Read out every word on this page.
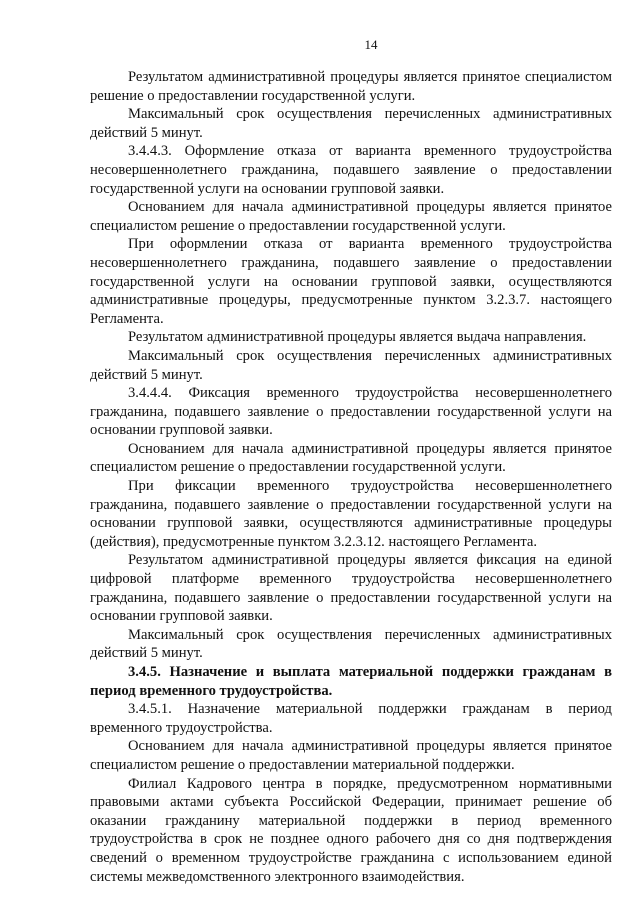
14

Результатом административной процедуры является принятое специалистом решение о предоставлении государственной услуги.

Максимальный срок осуществления перечисленных административных действий 5 минут.

3.4.4.3. Оформление отказа от варианта временного трудоустройства несовершеннолетнего гражданина, подавшего заявление о предоставлении государственной услуги на основании групповой заявки.

Основанием для начала административной процедуры является принятое специалистом решение о предоставлении государственной услуги.

При оформлении отказа от варианта временного трудоустройства несовершеннолетнего гражданина, подавшего заявление о предоставлении государственной услуги на основании групповой заявки, осуществляются административные процедуры, предусмотренные пунктом 3.2.3.7. настоящего Регламента.

Результатом административной процедуры является выдача направления.

Максимальный срок осуществления перечисленных административных действий 5 минут.

3.4.4.4. Фиксация временного трудоустройства несовершеннолетнего гражданина, подавшего заявление о предоставлении государственной услуги на основании групповой заявки.

Основанием для начала административной процедуры является принятое специалистом решение о предоставлении государственной услуги.

При фиксации временного трудоустройства несовершеннолетнего гражданина, подавшего заявление о предоставлении государственной услуги на основании групповой заявки, осуществляются административные процедуры (действия), предусмотренные пунктом 3.2.3.12. настоящего Регламента.

Результатом административной процедуры является фиксация на единой цифровой платформе временного трудоустройства несовершеннолетнего гражданина, подавшего заявление о предоставлении государственной услуги на основании групповой заявки.

Максимальный срок осуществления перечисленных административных действий 5 минут.

3.4.5. Назначение и выплата материальной поддержки гражданам в период временного трудоустройства.

3.4.5.1. Назначение материальной поддержки гражданам в период временного трудоустройства.

Основанием для начала административной процедуры является принятое специалистом решение о предоставлении материальной поддержки.

Филиал Кадрового центра в порядке, предусмотренном нормативными правовыми актами субъекта Российской Федерации, принимает решение об оказании гражданину материальной поддержки в период временного трудоустройства в срок не позднее одного рабочего дня со дня подтверждения сведений о временном трудоустройстве гражданина с использованием единой системы межведомственного электронного взаимодействия.
